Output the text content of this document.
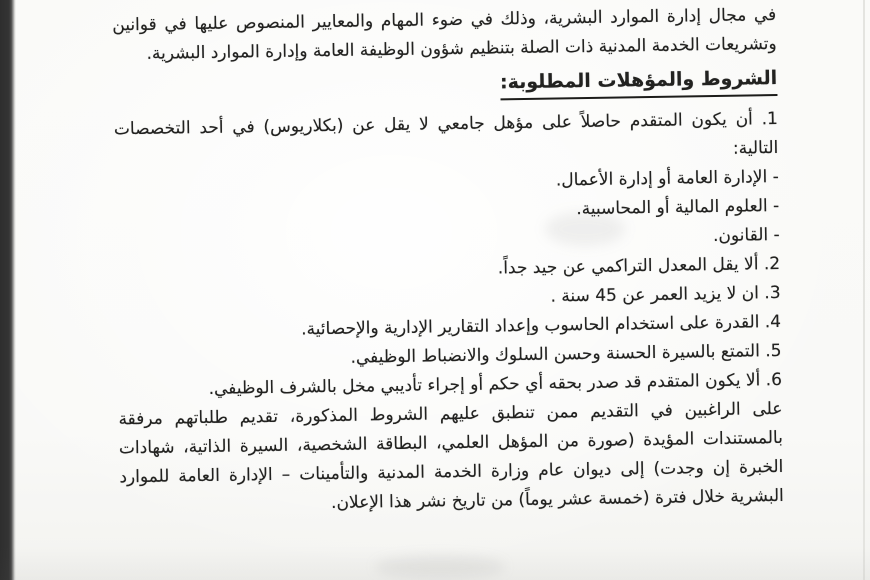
في مجال إدارة الموارد البشرية، وذلك في ضوء المهام والمعايير المنصوص عليها في قوانين وتشريعات الخدمة المدنية ذات الصلة بتنظيم شؤون الوظيفة العامة وإدارة الموارد البشرية.

الشروط والمؤهلات المطلوبة:
1. أن يكون المتقدم حاصلاً على مؤهل جامعي لا يقل عن (بكلاريوس) في أحد التخصصات التالية:
- الإدارة العامة أو إدارة الأعمال.
- العلوم المالية أو المحاسبية.
- القانون.
2. ألا يقل المعدل التراكمي عن جيد جداً.
3. ان لا يزيد العمر عن 45 سنة .
4. القدرة على استخدام الحاسوب وإعداد التقارير الإدارية والإحصائية.
5. التمتع بالسيرة الحسنة وحسن السلوك والانضباط الوظيفي.
6. ألا يكون المتقدم قد صدر بحقه أي حكم أو إجراء تأديبي مخل بالشرف الوظيفي.

على الراغبين في التقديم ممن تنطبق عليهم الشروط المذكورة، تقديم طلباتهم مرفقة بالمستندات المؤيدة (صورة من المؤهل العلمي، البطاقة الشخصية، السيرة الذاتية، شهادات الخبرة إن وجدت) إلى ديوان عام وزارة الخدمة المدنية والتأمينات – الإدارة العامة للموارد البشرية خلال فترة (خمسة عشر يوماً) من تاريخ نشر هذا الإعلان.
